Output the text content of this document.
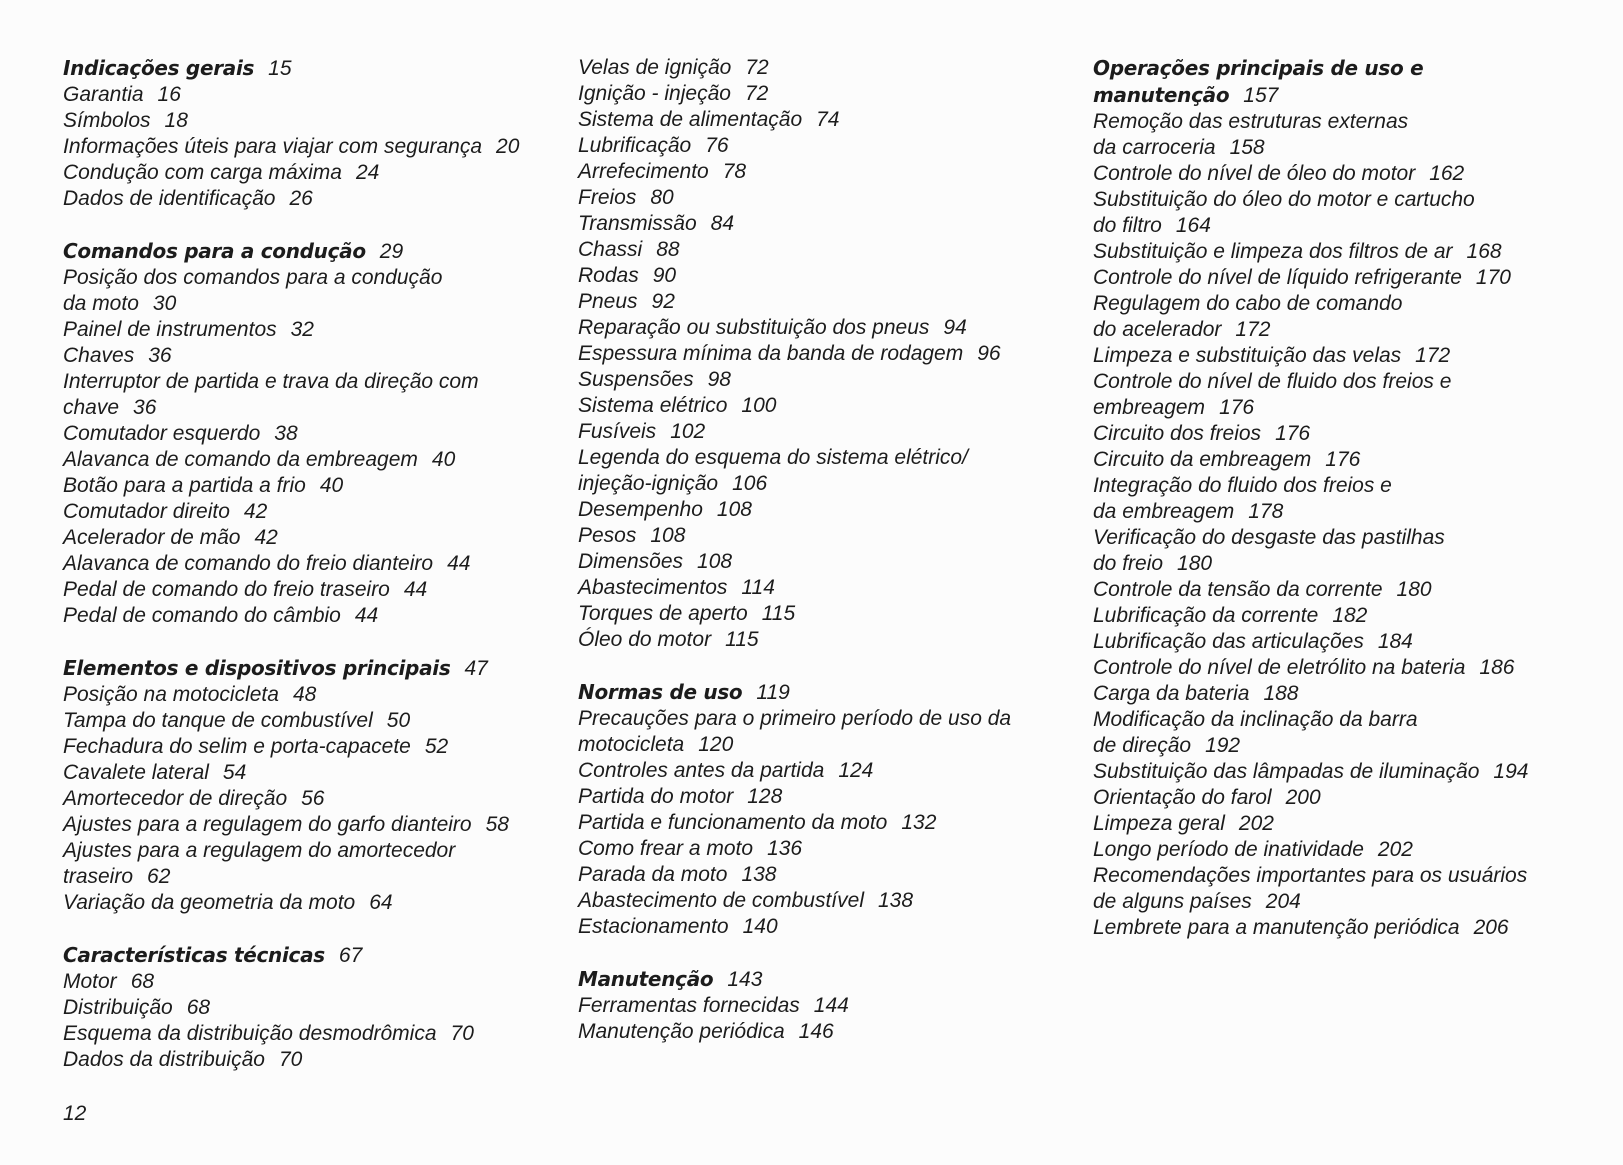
Indicações gerais 15
Garantia 16
Símbolos 18
Informações úteis para viajar com segurança 20
Condução com carga máxima 24
Dados de identificação 26
Comandos para a condução 29
Posição dos comandos para a condução
da moto 30
Painel de instrumentos 32
Chaves 36
Interruptor de partida e trava da direção com
chave 36
Comutador esquerdo 38
Alavanca de comando da embreagem 40
Botão para a partida a frio 40
Comutador direito 42
Acelerador de mão 42
Alavanca de comando do freio dianteiro 44
Pedal de comando do freio traseiro 44
Pedal de comando do câmbio 44
Elementos e dispositivos principais 47
Posição na motocicleta 48
Tampa do tanque de combustível 50
Fechadura do selim e porta-capacete 52
Cavalete lateral 54
Amortecedor de direção 56
Ajustes para a regulagem do garfo dianteiro 58
Ajustes para a regulagem do amortecedor
traseiro 62
Variação da geometria da moto 64
Características técnicas 67
Motor 68
Distribuição 68
Esquema da distribuição desmodrômica 70
Dados da distribuição 70
Velas de ignição 72
Ignição - injeção 72
Sistema de alimentação 74
Lubrificação 76
Arrefecimento 78
Freios 80
Transmissão 84
Chassi 88
Rodas 90
Pneus 92
Reparação ou substituição dos pneus 94
Espessura mínima da banda de rodagem 96
Suspensões 98
Sistema elétrico 100
Fusíveis 102
Legenda do esquema do sistema elétrico/
injeção-ignição 106
Desempenho 108
Pesos 108
Dimensões 108
Abastecimentos 114
Torques de aperto 115
Óleo do motor 115
Normas de uso 119
Precauções para o primeiro período de uso da
motocicleta 120
Controles antes da partida 124
Partida do motor 128
Partida e funcionamento da moto 132
Como frear a moto 136
Parada da moto 138
Abastecimento de combustível 138
Estacionamento 140
Manutenção 143
Ferramentas fornecidas 144
Manutenção periódica 146
Operações principais de uso e
manutenção 157
Remoção das estruturas externas
da carroceria 158
Controle do nível de óleo do motor 162
Substituição do óleo do motor e cartucho
do filtro 164
Substituição e limpeza dos filtros de ar 168
Controle do nível de líquido refrigerante 170
Regulagem do cabo de comando
do acelerador 172
Limpeza e substituição das velas 172
Controle do nível de fluido dos freios e
embreagem 176
Circuito dos freios 176
Circuito da embreagem 176
Integração do fluido dos freios e
da embreagem 178
Verificação do desgaste das pastilhas
do freio 180
Controle da tensão da corrente 180
Lubrificação da corrente 182
Lubrificação das articulações 184
Controle do nível de eletrólito na bateria 186
Carga da bateria 188
Modificação da inclinação da barra
de direção 192
Substituição das lâmpadas de iluminação 194
Orientação do farol 200
Limpeza geral 202
Longo período de inatividade 202
Recomendações importantes para os usuários
de alguns países 204
Lembrete para a manutenção periódica 206
12
